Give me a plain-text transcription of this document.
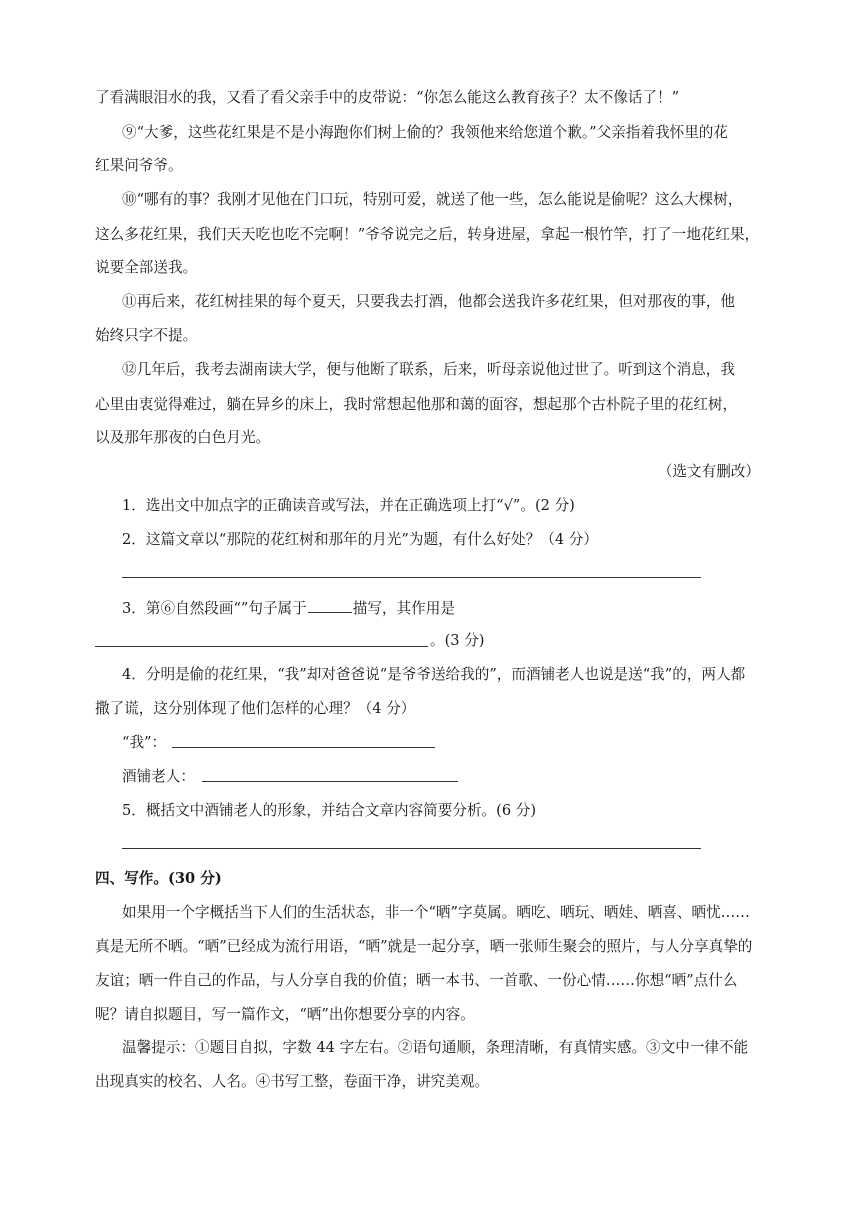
了看满眼泪水的我，又看了看父亲手中的皮带说：“你怎么能这么教育孩子？太不像话了！”
⑨“大爹，这些花红果是不是小海跑你们树上偷的？我领他来给您道个歉。”父亲指着我怀里的花
红果问爷爷。
⑩“哪有的事？我刚才见他在门口玩，特别可爱，就送了他一些，怎么能说是偷呢？这么大棵树，
这么多花红果，我们天天吃也吃不完啊！”爷爷说完之后，转身进屋，拿起一根竹竿，打了一地花红果，
说要全部送我。
⑪再后来，花红树挂果的每个夏天，只要我去打酒，他都会送我许多花红果，但对那夜的事，他
始终只字不提。
⑫几年后，我考去湖南读大学，便与他断了联系，后来，听母亲说他过世了。听到这个消息，我
心里由衷觉得难过，躺在异乡的床上，我时常想起他那和蔼的面容，想起那个古朴院子里的花红树，
以及那年那夜的白色月光。
（选文有删改）
1．选出文中加点字的正确读音或写法，并在正确选项上打“√”。(2 分)
2．这篇文章以“那院的花红树和那年的月光”为题，有什么好处？（4 分）
3．第⑥自然段画“”句子属于	描写，其作用是
。(3 分)
4．分明是偷的花红果，“我”却对爸爸说“是爷爷送给我的”，而酒铺老人也说是送“我”的，两人都
撒了谎，这分别体现了他们怎样的心理？（4 分）
“我”：
酒铺老人：
5．概括文中酒铺老人的形象，并结合文章内容简要分析。(6 分)
四、写作。(30 分)
如果用一个字概括当下人们的生活状态，非一个“晒”字莫属。晒吃、晒玩、晒娃、晒喜、晒忧……
真是无所不晒。“晒”已经成为流行用语，“晒”就是一起分享，晒一张师生聚会的照片，与人分享真挚的
友谊；晒一件自己的作品，与人分享自我的价值；晒一本书、一首歌、一份心情……你想“晒”点什么
呢？请自拟题目，写一篇作文，“晒”出你想要分享的内容。
温馨提示：①题目自拟，字数 44 字左右。②语句通顺，条理清晰，有真情实感。③文中一律不能
出现真实的校名、人名。④书写工整，卷面干净，讲究美观。
